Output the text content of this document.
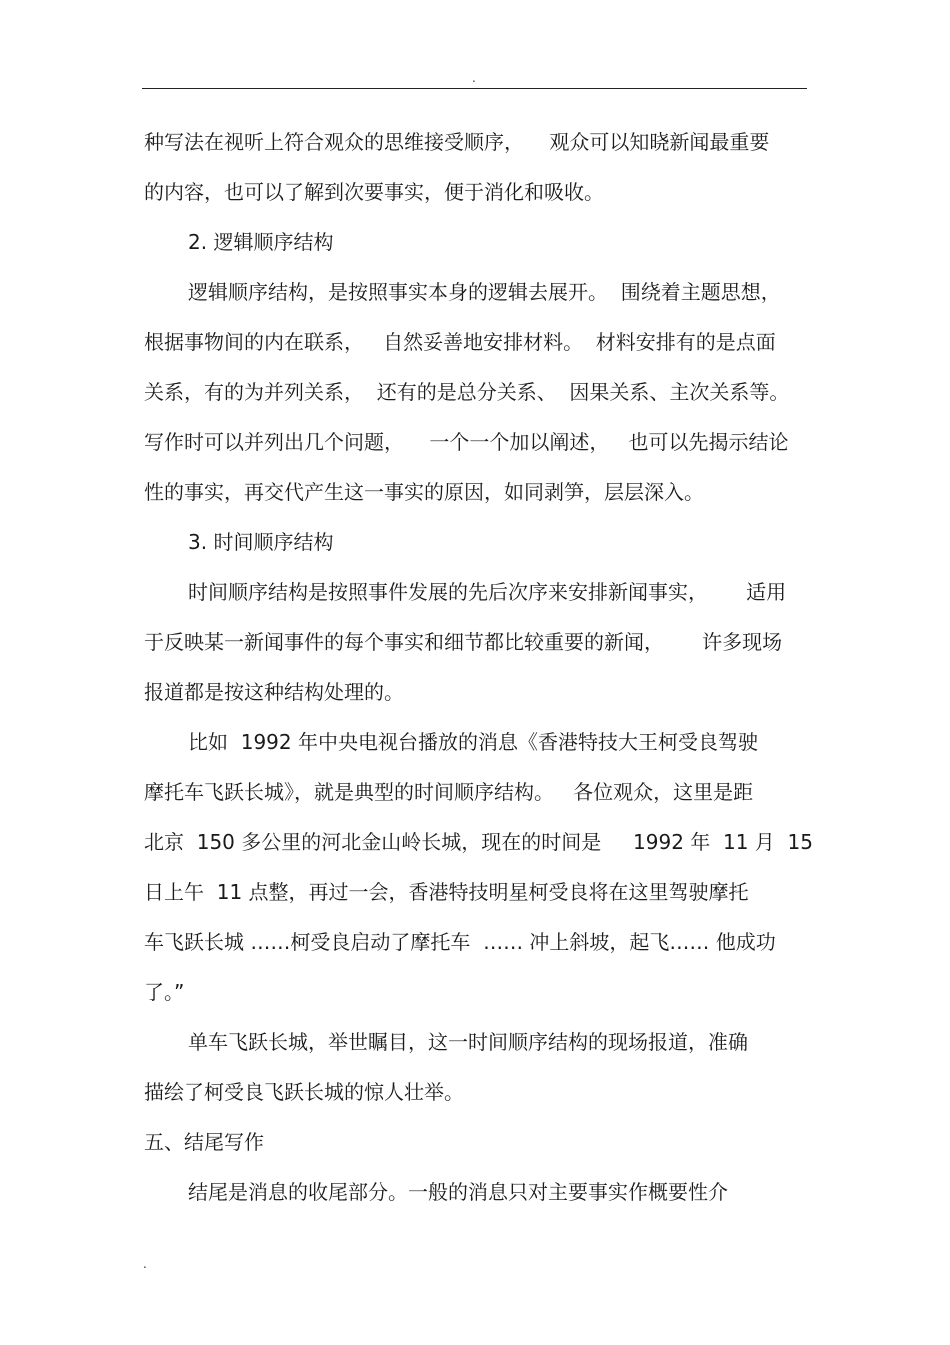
.
种写法在视听上符合观众的思维接受顺序，    观众可以知晓新闻最重要
的内容，也可以了解到次要事实，便于消化和吸收。
2. 逻辑顺序结构
逻辑顺序结构，是按照事实本身的逻辑去展开。  围绕着主题思想，
根据事物间的内在联系，   自然妥善地安排材料。  材料安排有的是点面
关系，有的为并列关系，  还有的是总分关系、  因果关系、主次关系等。
写作时可以并列出几个问题，    一个一个加以阐述，   也可以先揭示结论
性的事实，再交代产生这一事实的原因，如同剥笋，层层深入。
3. 时间顺序结构
时间顺序结构是按照事件发展的先后次序来安排新闻事实，      适用
于反映某一新闻事件的每个事实和细节都比较重要的新闻，      许多现场
报道都是按这种结构处理的。
比如  1992 年中央电视台播放的消息《香港特技大王柯受良驾驶
摩托车飞跃长城》，就是典型的时间顺序结构。   各位观众，这里是距
北京  150 多公里的河北金山岭长城，现在的时间是     1992 年  11 月  15
日上午  11 点整，再过一会，香港特技明星柯受良将在这里驾驶摩托
车飞跃长城 ……柯受良启动了摩托车  …… 冲上斜坡，起飞…… 他成功
了。”
单车飞跃长城，举世瞩目，这一时间顺序结构的现场报道，准确
描绘了柯受良飞跃长城的惊人壮举。
五、结尾写作
结尾是消息的收尾部分。一般的消息只对主要事实作概要性介
.
